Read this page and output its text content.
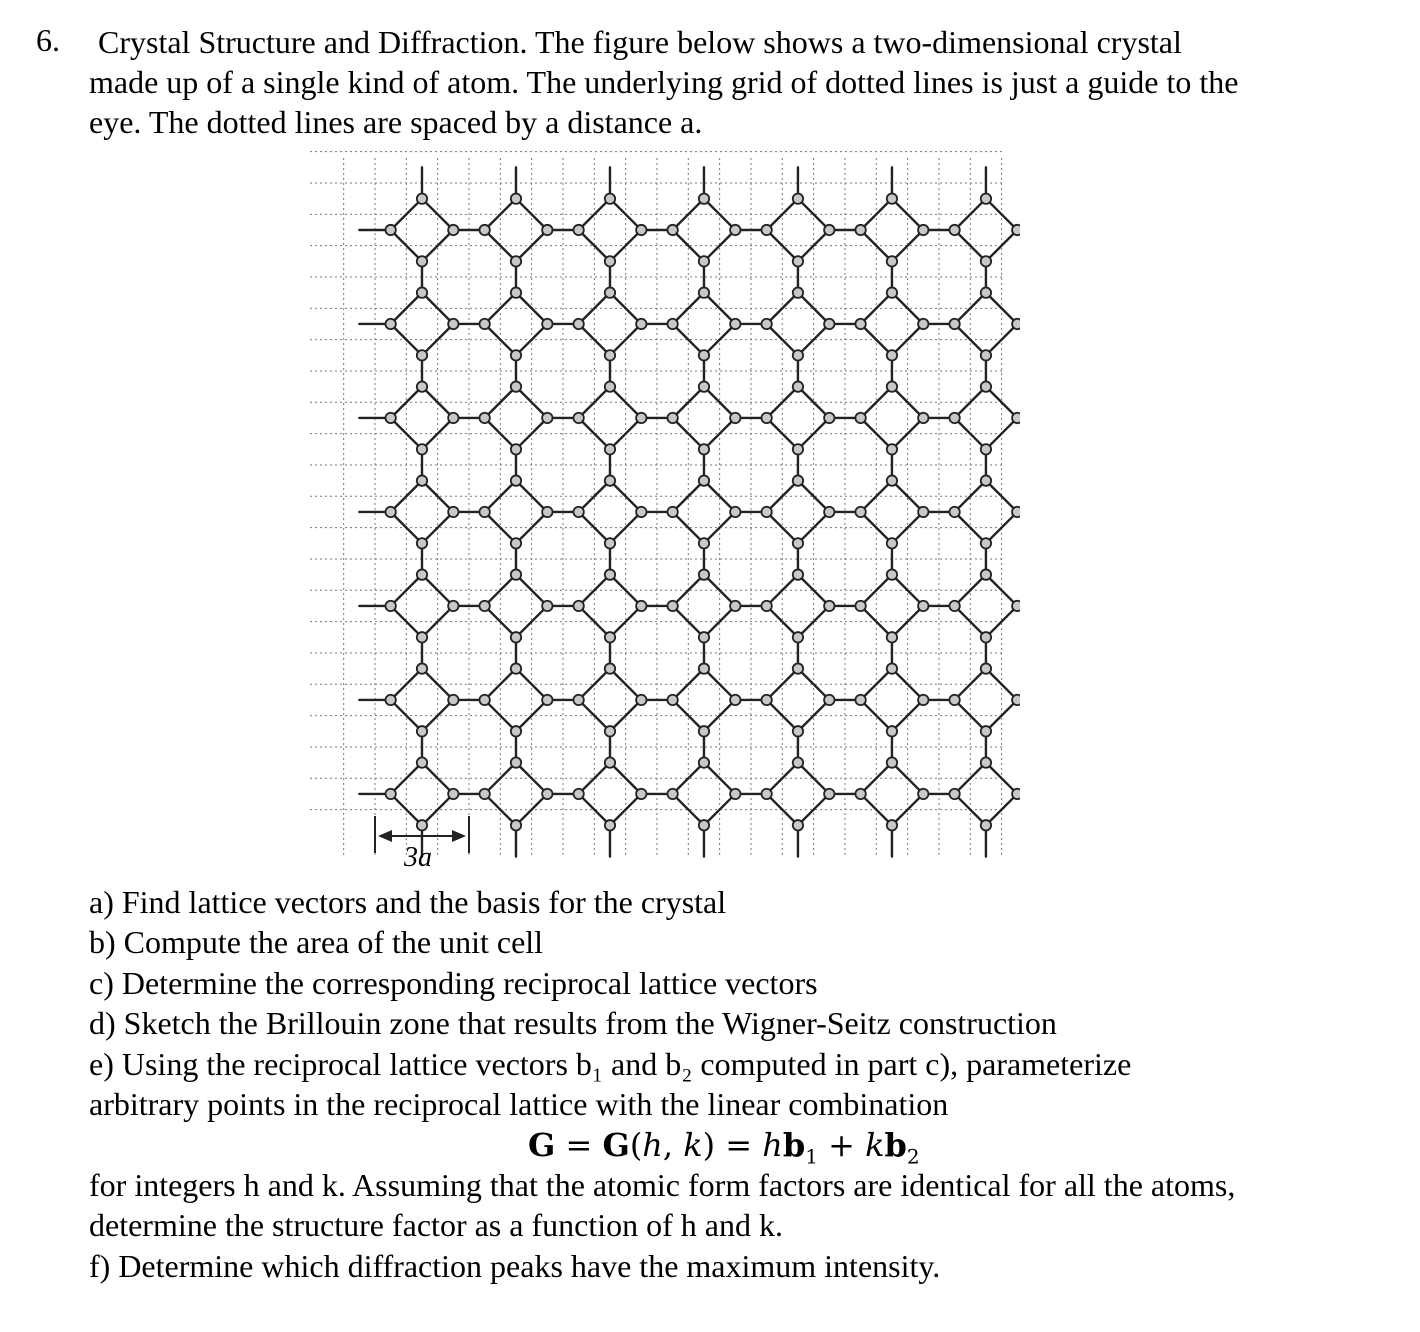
6. Crystal Structure and Diffraction. The figure below shows a two-dimensional crystal
made up of a single kind of atom. The underlying grid of dotted lines is just a guide to the
eye. The dotted lines are spaced by a distance a.
3a
a) Find lattice vectors and the basis for the crystal
b) Compute the area of the unit cell
c) Determine the corresponding reciprocal lattice vectors
d) Sketch the Brillouin zone that results from the Wigner-Seitz construction
e) Using the reciprocal lattice vectors b₁ and b₂ computed in part c), parameterize
arbitrary points in the reciprocal lattice with the linear combination
G = G(h, $k) = hb_1 + kb_2$
for integers h and k. Assuming that the atomic form factors are identical for all the atoms,
determine the structure factor as a function of h and k.
f) Determine which diffraction peaks have the maximum intensity.
